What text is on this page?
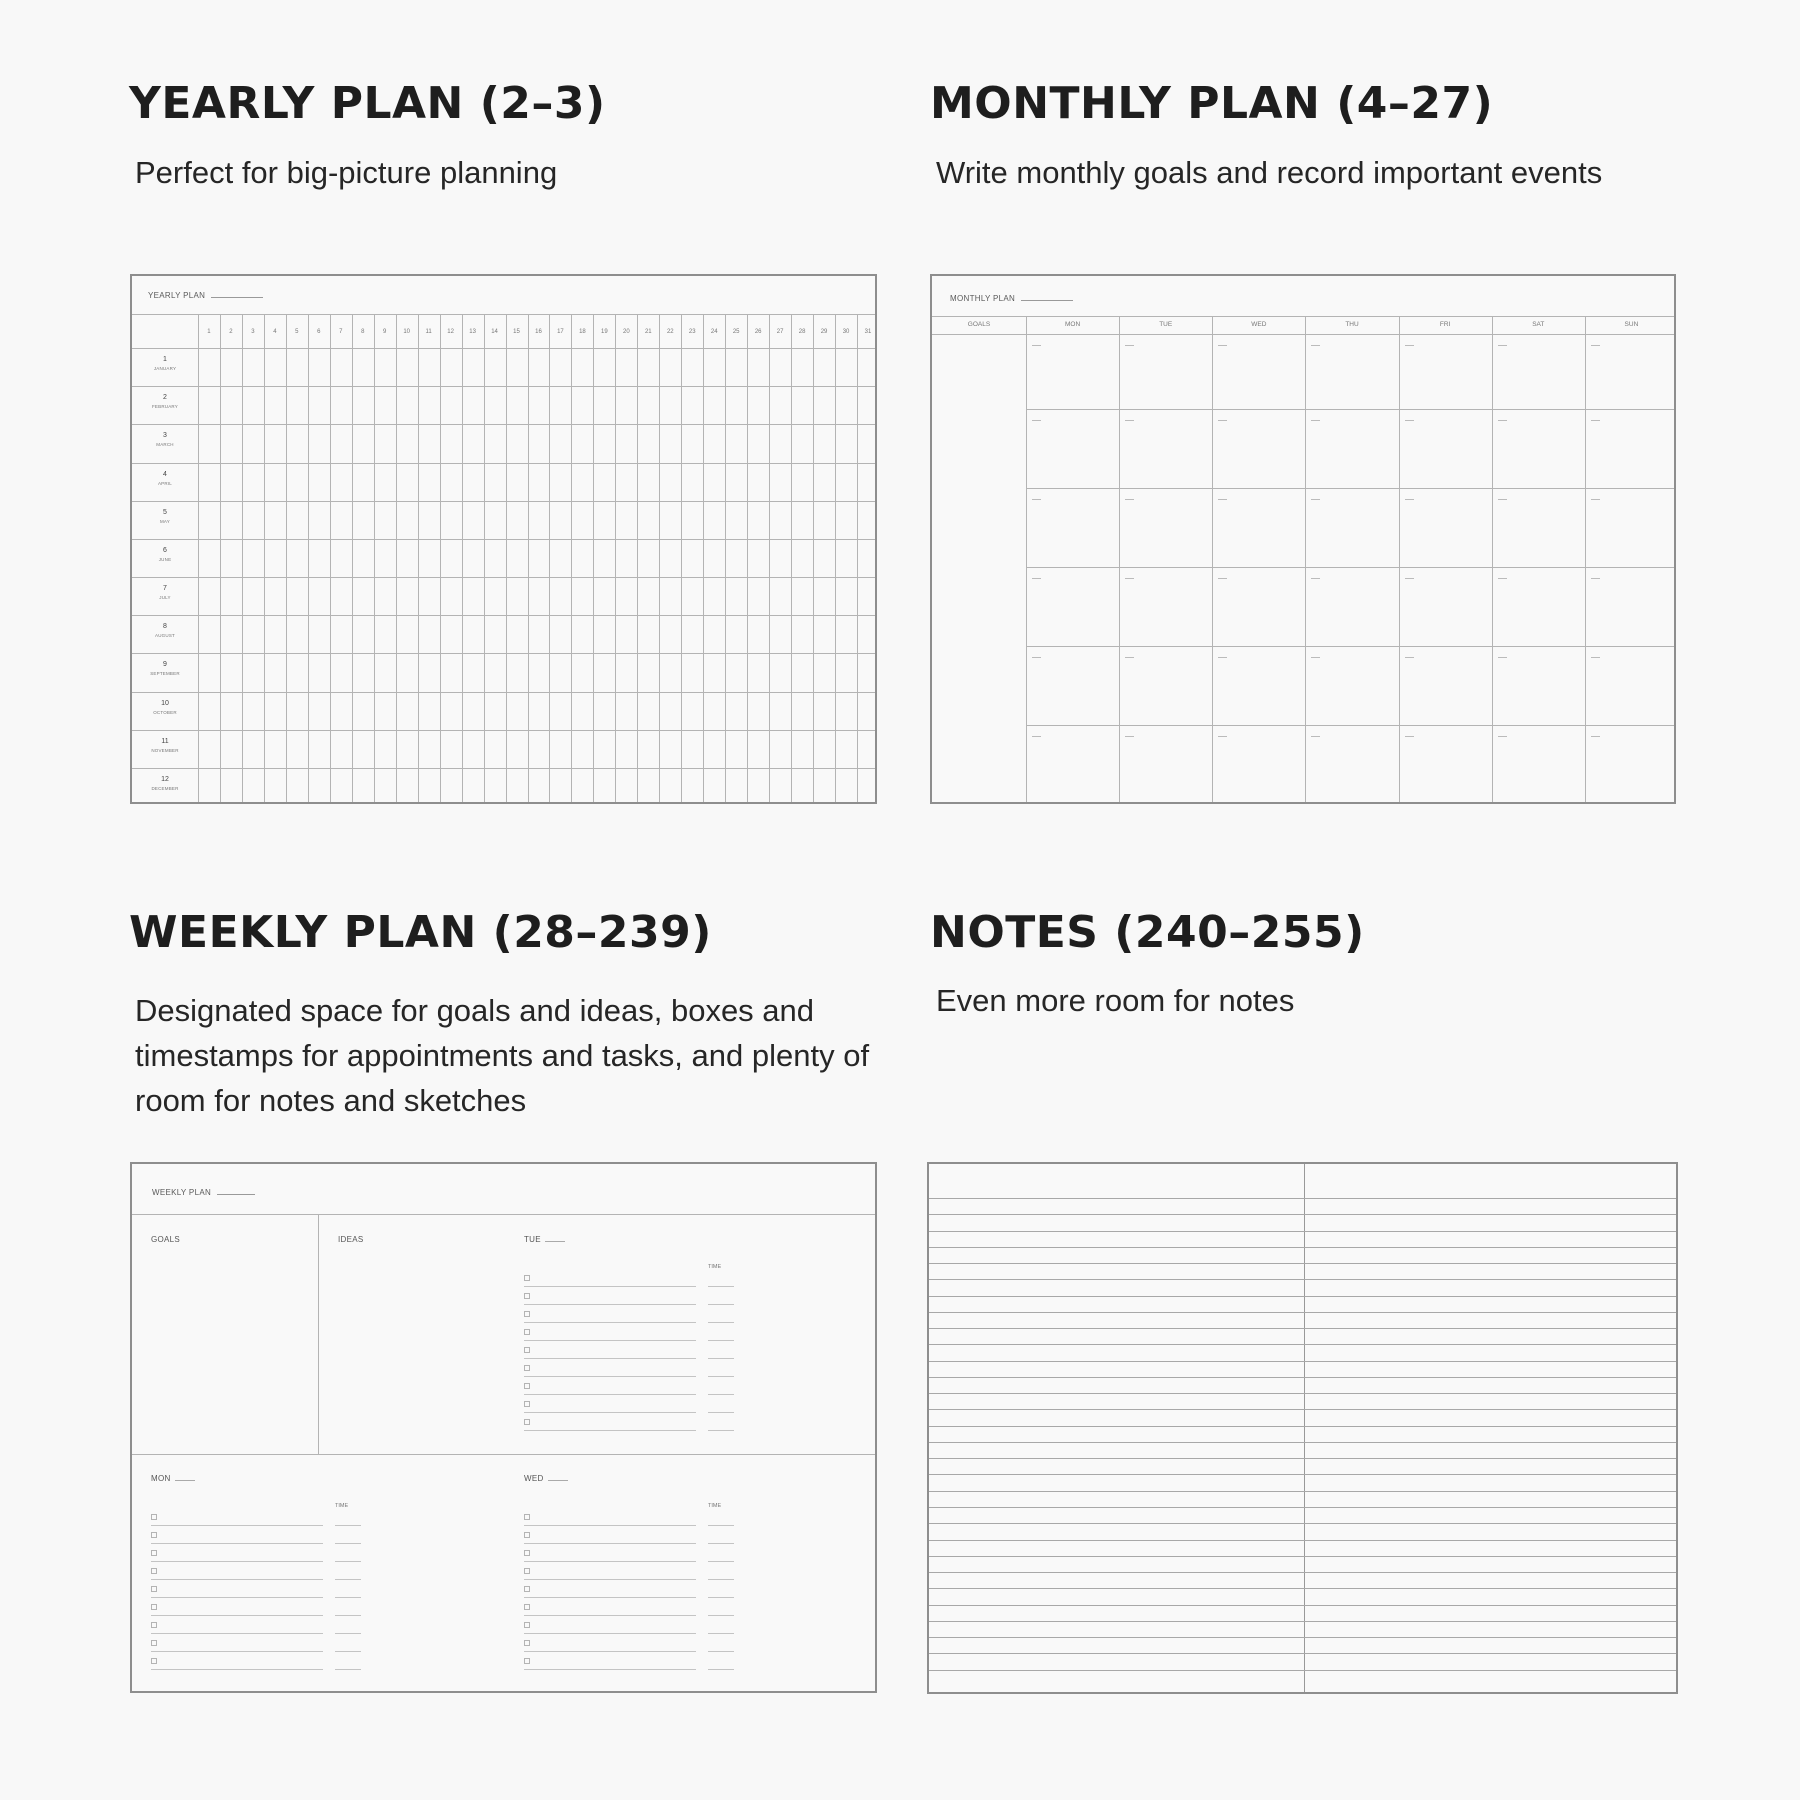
YEARLY PLAN (2–3)

Perfect for big-picture planning

YEARLY PLAN
1	2	3	4	5	6	7	8	9	10	11	12	13	14	15	16	17	18	19	20	21	22	23	24	25	26	27	28	29	30	31
1
JANUARY
2
FEBRUARY
3
MARCH
4
APRIL
5
MAY
6
JUNE
7
JULY
8
AUGUST
9
SEPTEMBER
10
OCTOBER
11
NOVEMBER
12
DECEMBER
MONTHLY PLAN (4–27)

Write monthly goals and record important events

MONTHLY PLAN
GOALS	MON	TUE	WED	THU	FRI	SAT	SUN
WEEKLY PLAN (28–239)

Designated space for goals and ideas, boxes and timestamps for appointments and tasks, and plenty of room for notes and sketches

WEEKLY PLAN
GOALS	IDEAS	TUE
TIME
MON
TIME
WED
TIME
NOTES (240–255)

Even more room for notes
